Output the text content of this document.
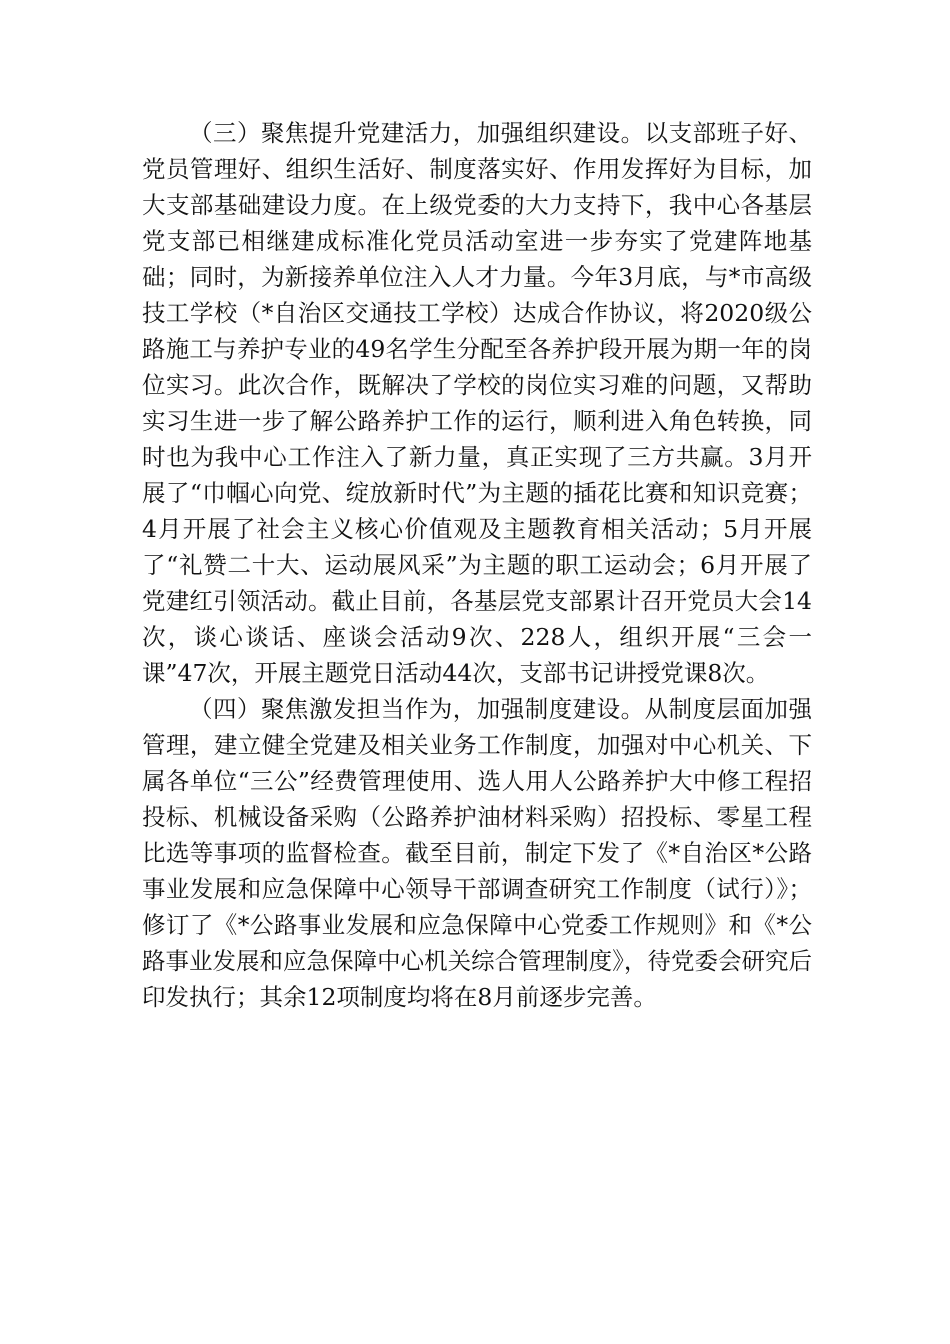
（三）聚焦提升党建活力，加强组织建设。以支部班子好、党员管理好、组织生活好、制度落实好、作用发挥好为目标，加大支部基础建设力度。在上级党委的大力支持下，我中心各基层党支部已相继建成标准化党员活动室进一步夯实了党建阵地基础；同时，为新接养单位注入人才力量。今年3月底，与*市高级技工学校（*自治区交通技工学校）达成合作协议，将2020级公路施工与养护专业的49名学生分配至各养护段开展为期一年的岗位实习。此次合作，既解决了学校的岗位实习难的问题，又帮助实习生进一步了解公路养护工作的运行，顺利进入角色转换，同时也为我中心工作注入了新力量，真正实现了三方共赢。3月开展了“巾帼心向党、绽放新时代”为主题的插花比赛和知识竞赛；4月开展了社会主义核心价值观及主题教育相关活动；5月开展了“礼赞二十大、运动展风采”为主题的职工运动会；6月开展了党建红引领活动。截止目前，各基层党支部累计召开党员大会14次，谈心谈话、座谈会活动9次、228人，组织开展“三会一课”47次，开展主题党日活动44次，支部书记讲授党课8次。

（四）聚焦激发担当作为，加强制度建设。从制度层面加强管理，建立健全党建及相关业务工作制度，加强对中心机关、下属各单位“三公”经费管理使用、选人用人公路养护大中修工程招投标、机械设备采购（公路养护油材料采购）招投标、零星工程比选等事项的监督检查。截至目前，制定下发了《*自治区*公路事业发展和应急保障中心领导干部调查研究工作制度（试行）》；修订了《*公路事业发展和应急保障中心党委工作规则》和《*公路事业发展和应急保障中心机关综合管理制度》，待党委会研究后印发执行；其余12项制度均将在8月前逐步完善。
